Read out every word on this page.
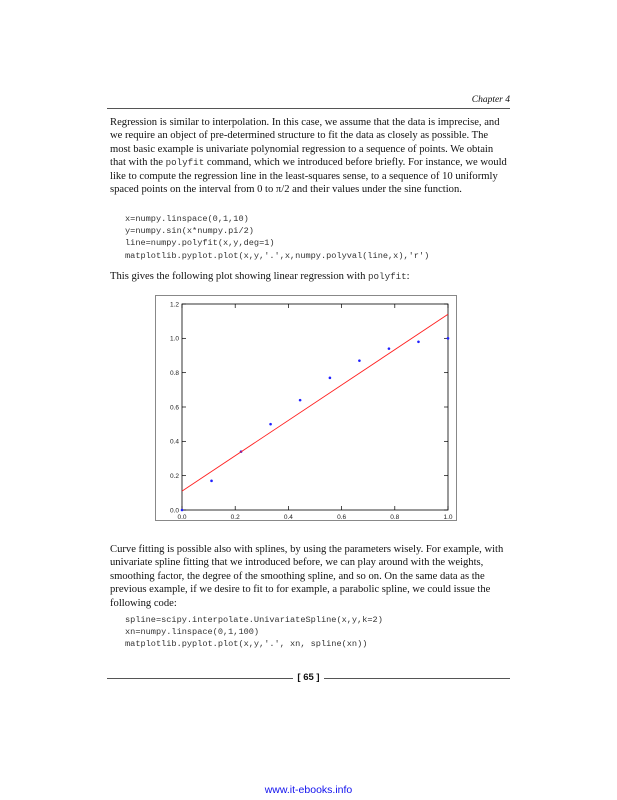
Chapter 4

Regression is similar to interpolation. In this case, we assume that the data is imprecise, and we require an object of pre-determined structure to fit the data as closely as possible. The most basic example is univariate polynomial regression to a sequence of points. We obtain that with the polyfit command, which we introduced before briefly. For instance, we would like to compute the regression line in the least-squares sense, to a sequence of 10 uniformly spaced points on the interval from 0 to π/2 and their values under the sine function.

x=numpy.linspace(0,1,10)
y=numpy.sin(x*numpy.pi/2)
line=numpy.polyfit(x,y,deg=1)
matplotlib.pyplot.plot(x,y,'.',x,numpy.polyval(line,x),'r')

This gives the following plot showing linear regression with polyfit:

0.0	0.2	0.4	0.6	0.8	1.0
0.0
0.2
0.4
0.6
0.8
1.0
1.2

Curve fitting is possible also with splines, by using the parameters wisely. For example, with univariate spline fitting that we introduced before, we can play around with the weights, smoothing factor, the degree of the smoothing spline, and so on. On the same data as the previous example, if we desire to fit to for example, a parabolic spline, we could issue the following code:

spline=scipy.interpolate.UnivariateSpline(x,y,k=2)
xn=numpy.linspace(0,1,100)
matplotlib.pyplot.plot(x,y,'.', xn, spline(xn))
[ 65 ]
www.it-ebooks.info
